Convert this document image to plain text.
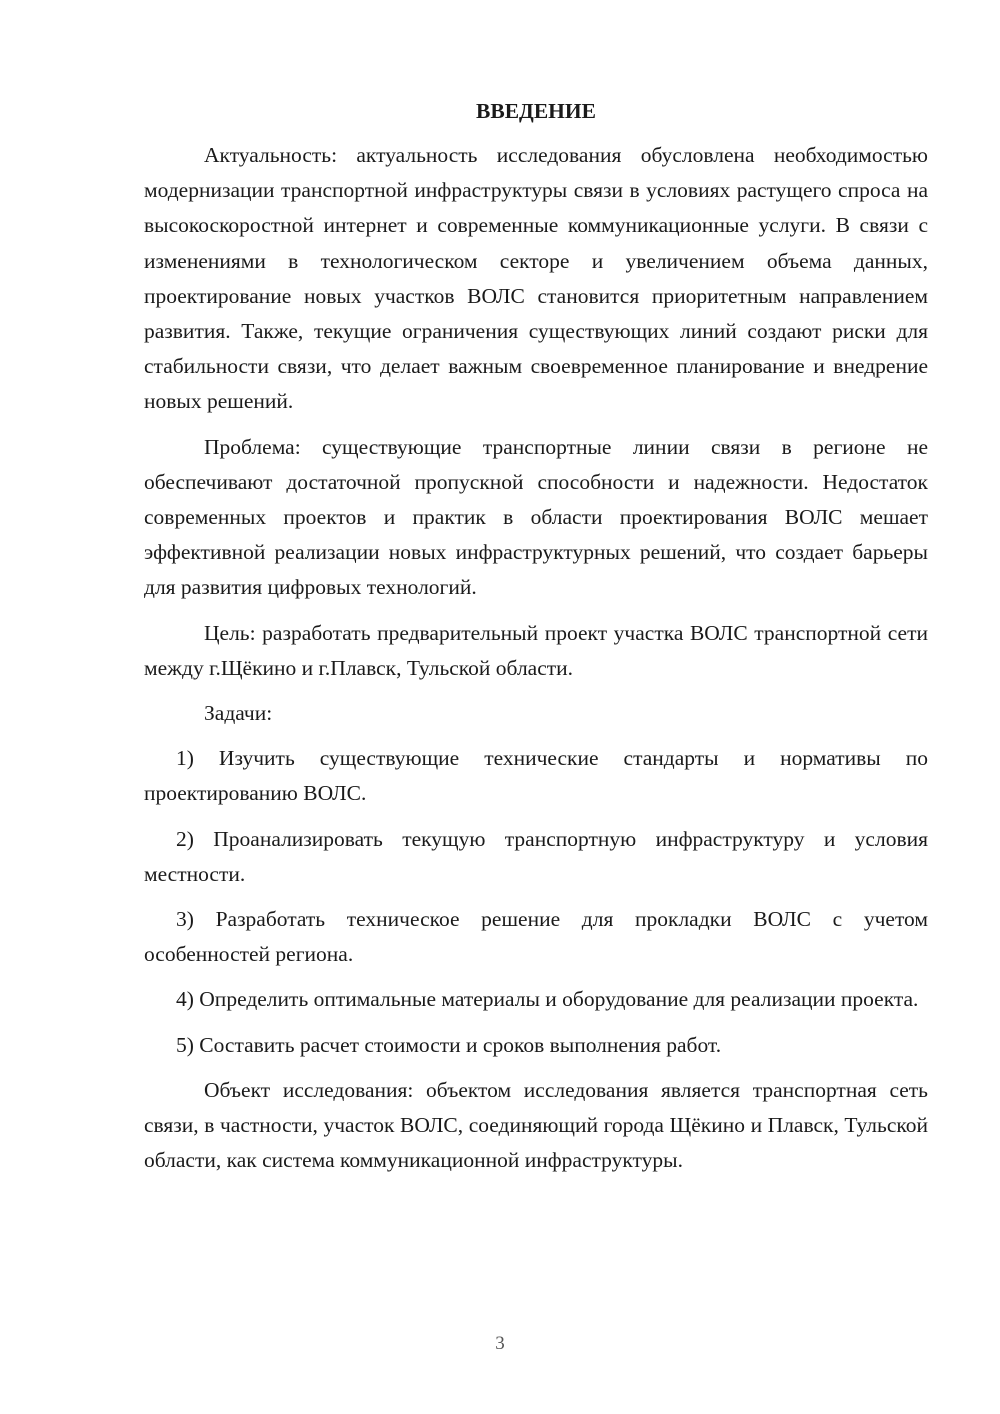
ВВЕДЕНИЕ

Актуальность: актуальность исследования обусловлена необходимостью модернизации транспортной инфраструктуры связи в условиях растущего спроса на высокоскоростной интернет и современные коммуникационные услуги. В связи с изменениями в технологическом секторе и увеличением объема данных, проектирование новых участков ВОЛС становится приоритетным направлением развития. Также, текущие ограничения существующих линий создают риски для стабильности связи, что делает важным своевременное планирование и внедрение новых решений.

Проблема: существующие транспортные линии связи в регионе не обеспечивают достаточной пропускной способности и надежности. Недостаток современных проектов и практик в области проектирования ВОЛС мешает эффективной реализации новых инфраструктурных решений, что создает барьеры для развития цифровых технологий.

Цель: разработать предварительный проект участка ВОЛС транспортной сети между г.Щёкино и г.Плавск, Тульской области.

Задачи:

1) Изучить существующие технические стандарты и нормативы по проектированию ВОЛС.

2) Проанализировать текущую транспортную инфраструктуру и условия местности.

3) Разработать техническое решение для прокладки ВОЛС с учетом особенностей региона.

4) Определить оптимальные материалы и оборудование для реализации проекта.

5) Составить расчет стоимости и сроков выполнения работ.

Объект исследования: объектом исследования является транспортная сеть связи, в частности, участок ВОЛС, соединяющий города Щёкино и Плавск, Тульской области, как система коммуникационной инфраструктуры.

3
